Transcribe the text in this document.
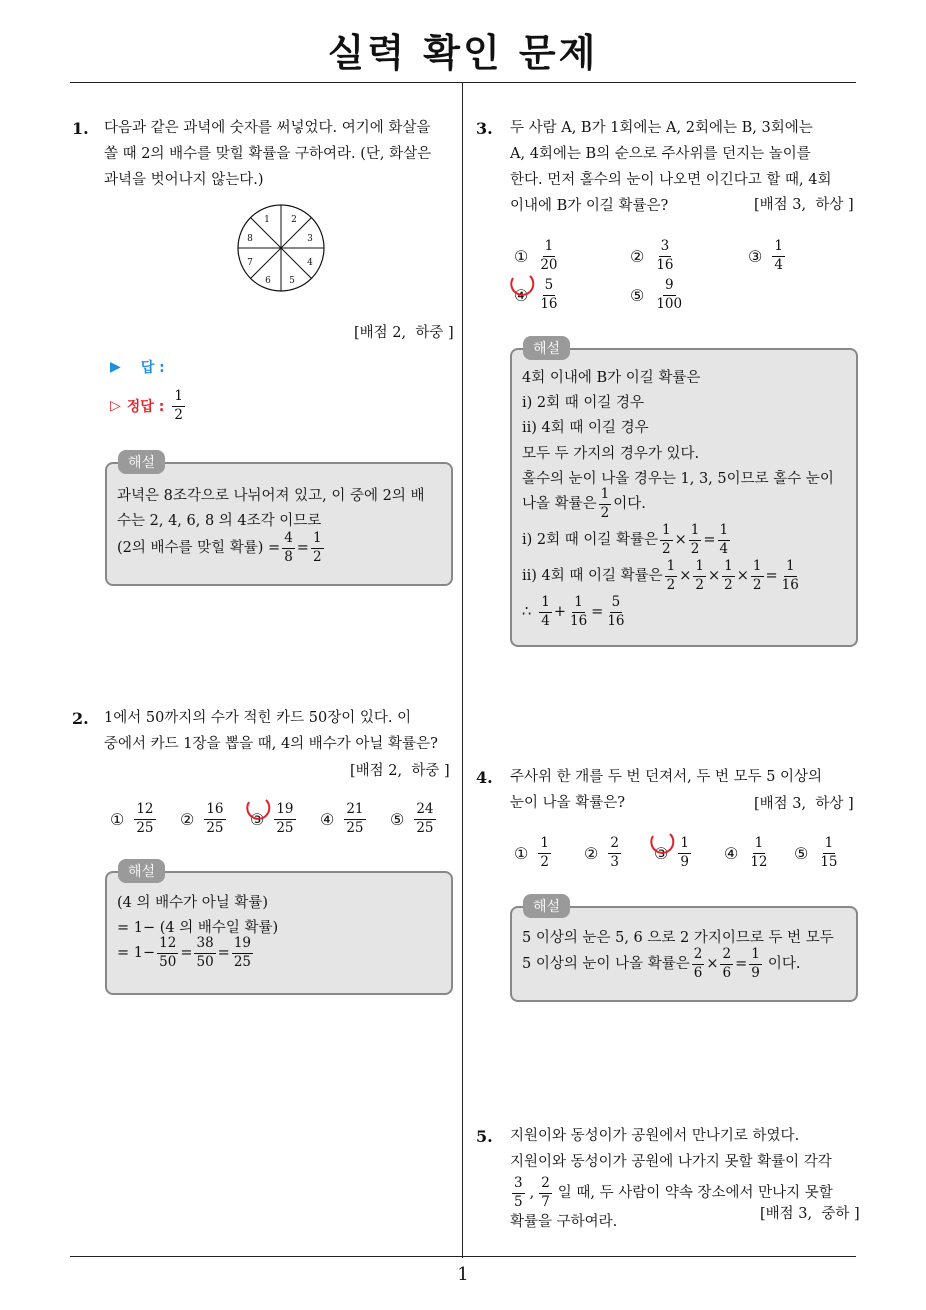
실력 확인 문제
1
1. 다음과 같은 과녁에 숫자를 써넣었다. 여기에 화살을
쏠 때 2의 배수를 맞힐 확률을 구하여라. (단, 화살은
과녁을 벗어나지 않는다.)
1 2
3
4
5
6
7
8
[배점 2,  하중 ]
▶ 답 :
▷ 정답 : $\frac{1}{2}$
과녁은 8조각으로 나뉘어져 있고, 이 중에 2의 배
수는 2, 4, 6, 8 의 4조각 이므로
(2의 배수를 맞힐 확률) = $\frac{4}{8} = \frac{1}{2}$
해설
2. 1에서 50까지의 수가 적힌 카드 50장이 있다. 이
중에서 카드 1장을 뽑을 때, 4의 배수가 아닐 확률은?
[배점 2,  하중 ]
① $\frac{12}{25}$ ② $\frac{16}{25}$ ③ $\frac{19}{25}$ ④ $\frac{21}{25}$ ⑤ $\frac{24}{25}$
(4 의 배수가 아닐 확률)
= 1− (4 의 배수일 확률)
= $1- \frac{12}{50} = \frac{38}{50} = \frac{19}{25}$
해설
3. 두 사람 A, B가 1회에는 A, 2회에는 B, 3회에는
A, 4회에는 B의 순으로 주사위를 던지는 놀이를
한다. 먼저 홀수의 눈이 나오면 이긴다고 할 때, 4회
이내에 B가 이길 확률은?	[배점 3,  하상 ]
① $\frac{1}{20}$	② $\frac{3}{16}$	③ $\frac{1}{4}$
④ $\frac{5}{16}$	⑤ $\frac{9}{100}$
4회 이내에 B가 이길 확률은
ⅰ) 2회 때 이길 경우
ⅱ) 4회 때 이길 경우
모두 두 가지의 경우가 있다.
홀수의 눈이 나올 경우는 1, 3, 5이므로 홀수 눈이
나올 확률은 $\frac{1}{2}$ 이다.
ⅰ) 2회 때 이길 확률은 $\frac{1}{2} \times \frac{1}{2} = \frac{1}{4}$
ⅱ) 4회 때 이길 확률은 $\frac{1}{2} \times \frac{1}{2} \times \frac{1}{2} \times \frac{1}{2} = \frac{1}{16}$
∴ $\frac{1}{4} + \frac{1}{16} = \frac{5}{16}$
해설
4. 주사위 한 개를 두 번 던져서, 두 번 모두 5 이상의
눈이 나올 확률은?	[배점 3,  하상 ]
① $\frac{1}{2}$ ② $\frac{2}{3}$ ③ $\frac{1}{9}$ ④ $\frac{1}{12}$ ⑤ $\frac{1}{15}$
5 이상의 눈은 5, 6 으로 2 가지이므로 두 번 모두
5 이상의 눈이 나올 확률은 $\frac{2}{6} \times \frac{2}{6} = \frac{1}{9}$ 이다.
해설
5. 지원이와 동성이가 공원에서 만나기로 하였다.
지원이와 동성이가 공원에 나가지 못할 확률이 각각
$\frac{3}{5}$ , $\frac{2}{7}$ 일 때, 두 사람이 약속 장소에서 만나지 못할
확률을 구하여라.	[배점 3,  중하 ]
